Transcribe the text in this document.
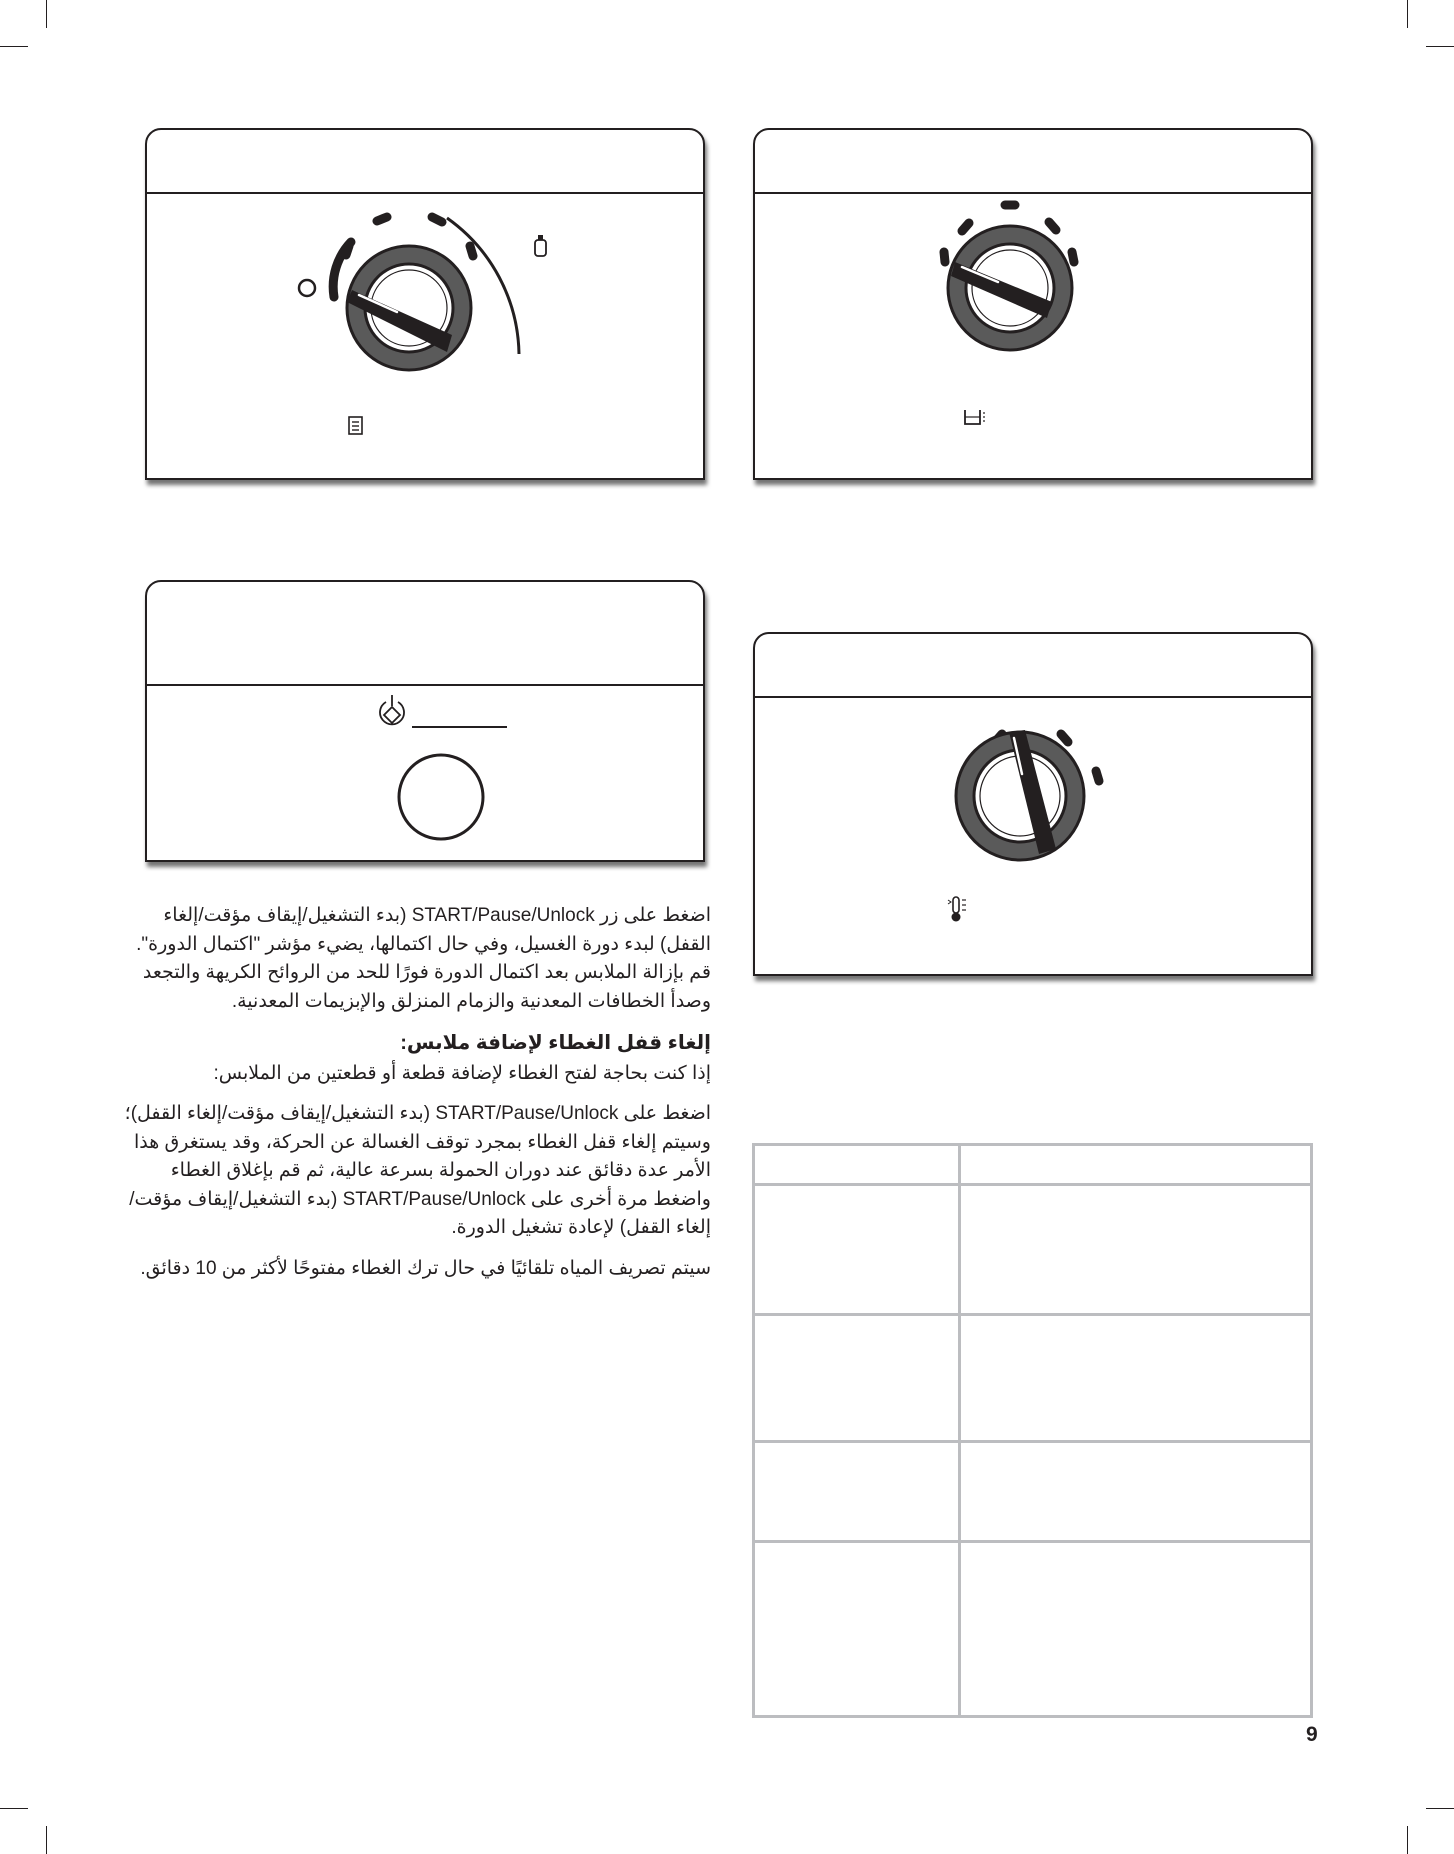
اضغط على زر START/Pause/Unlock (بدء التشغيل/إيقاف مؤقت/إلغاء القفل) لبدء دورة الغسيل، وفي حال اكتمالها، يضيء مؤشر "اكتمال الدورة". قم بإزالة الملابس بعد اكتمال الدورة فورًا للحد من الروائح الكريهة والتجعد وصدأ الخطافات المعدنية والزمام المنزلق والإبزيمات المعدنية.

إلغاء قفل الغطاء لإضافة ملابس:

إذا كنت بحاجة لفتح الغطاء لإضافة قطعة أو قطعتين من الملابس:

اضغط على START/Pause/Unlock (بدء التشغيل/إيقاف مؤقت/إلغاء القفل)؛ وسيتم إلغاء قفل الغطاء بمجرد توقف الغسالة عن الحركة، وقد يستغرق هذا الأمر عدة دقائق عند دوران الحمولة بسرعة عالية، ثم قم بإغلاق الغطاء واضغط مرة أخرى على START/Pause/Unlock (بدء التشغيل/إيقاف مؤقت/إلغاء القفل) لإعادة تشغيل الدورة.

سيتم تصريف المياه تلقائيًا في حال ترك الغطاء مفتوحًا لأكثر من 10 دقائق.

9
